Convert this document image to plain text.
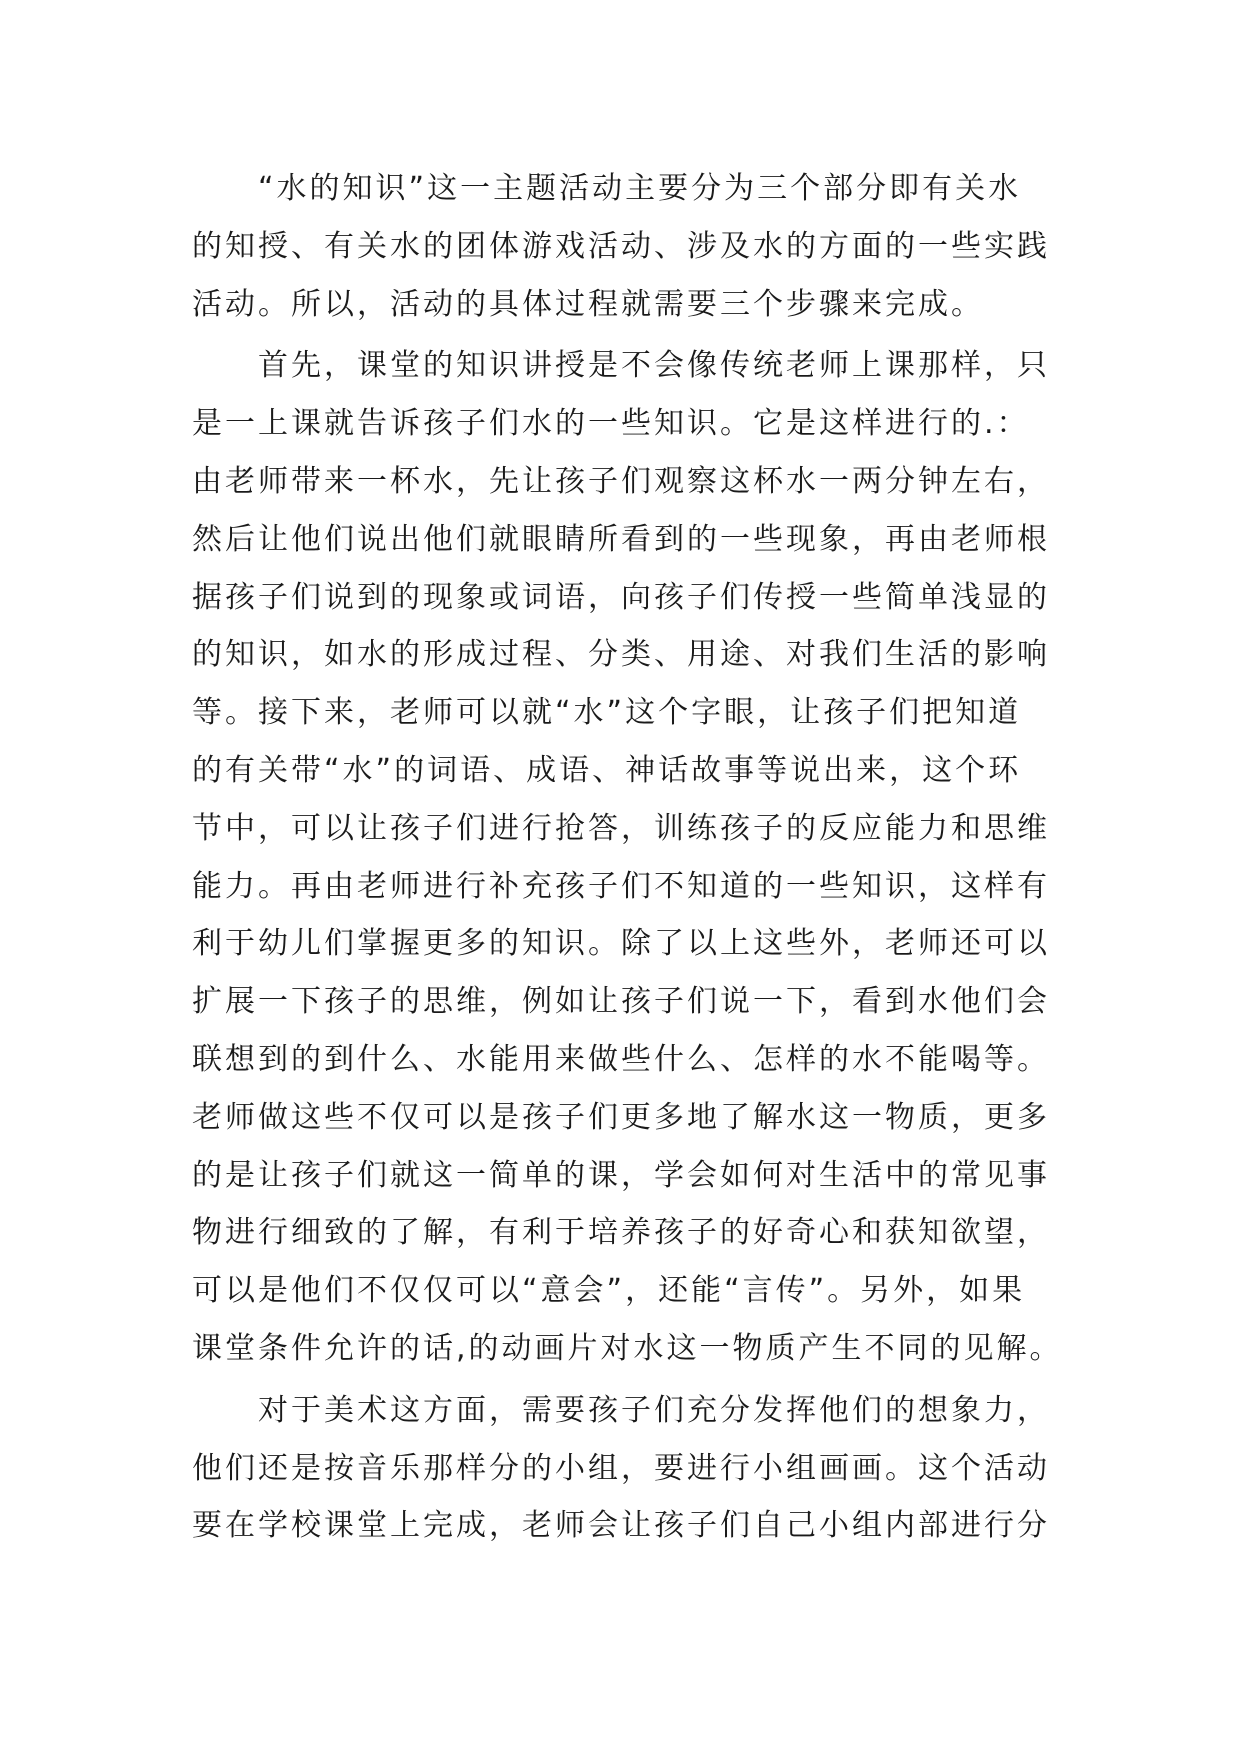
“水的知识”这一主题活动主要分为三个部分即有关水
的知授、有关水的团体游戏活动、涉及水的方面的一些实践
活动。所以，活动的具体过程就需要三个步骤来完成。
首先，课堂的知识讲授是不会像传统老师上课那样，只
是一上课就告诉孩子们水的一些知识。它是这样进行的.：
由老师带来一杯水，先让孩子们观察这杯水一两分钟左右，
然后让他们说出他们就眼睛所看到的一些现象，再由老师根
据孩子们说到的现象或词语，向孩子们传授一些简单浅显的
的知识，如水的形成过程、分类、用途、对我们生活的影响
等。接下来，老师可以就“水”这个字眼，让孩子们把知道
的有关带“水”的词语、成语、神话故事等说出来，这个环
节中，可以让孩子们进行抢答，训练孩子的反应能力和思维
能力。再由老师进行补充孩子们不知道的一些知识，这样有
利于幼儿们掌握更多的知识。除了以上这些外，老师还可以
扩展一下孩子的思维，例如让孩子们说一下，看到水他们会
联想到的到什么、水能用来做些什么、怎样的水不能喝等。
老师做这些不仅可以是孩子们更多地了解水这一物质，更多
的是让孩子们就这一简单的课，学会如何对生活中的常见事
物进行细致的了解，有利于培养孩子的好奇心和获知欲望，
可以是他们不仅仅可以“意会”，还能“言传”。另外，如果
课堂条件允许的话,的动画片对水这一物质产生不同的见解。
对于美术这方面，需要孩子们充分发挥他们的想象力，
他们还是按音乐那样分的小组，要进行小组画画。这个活动
要在学校课堂上完成，老师会让孩子们自己小组内部进行分
